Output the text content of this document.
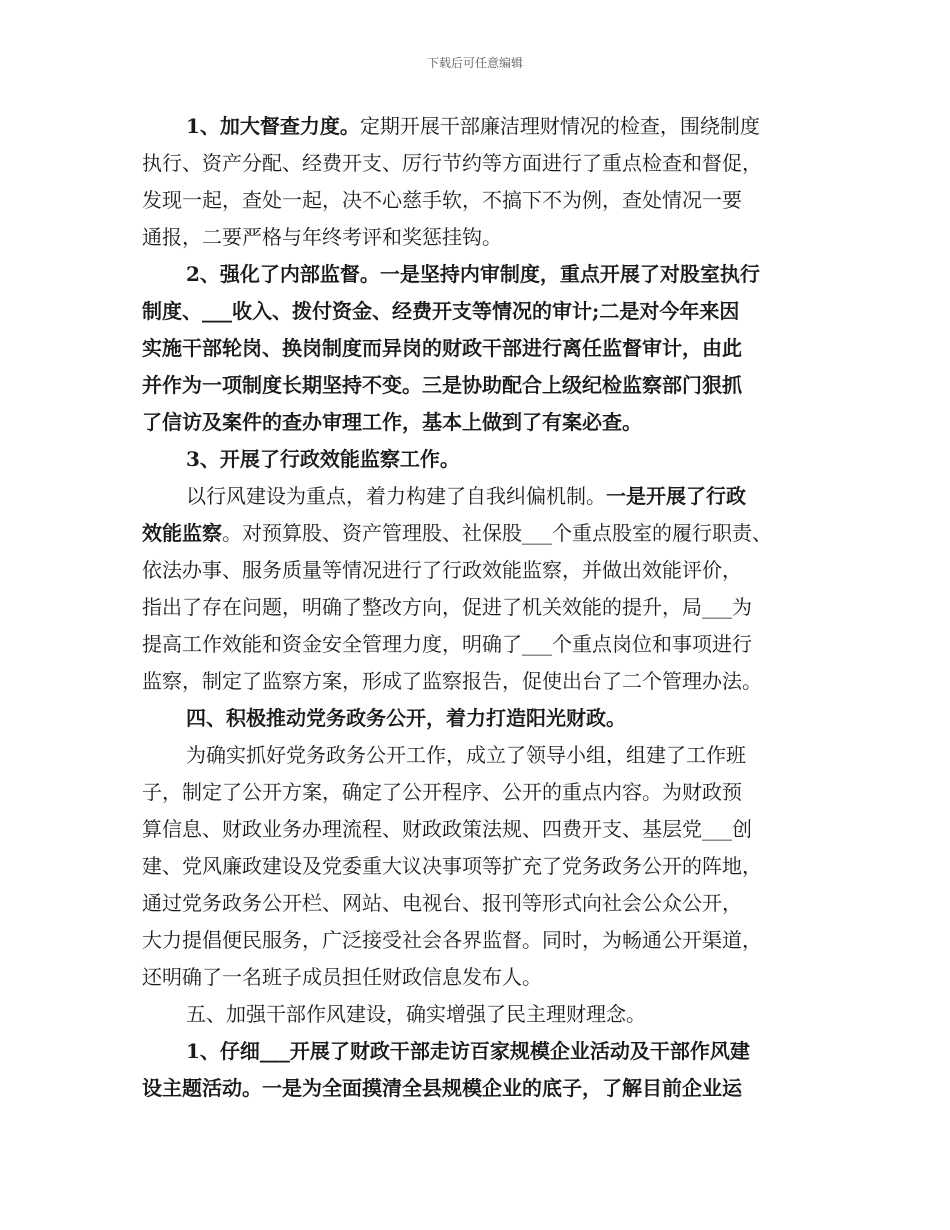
下载后可任意编辑
1、加大督查力度。定期开展干部廉洁理财情况的检查，围绕制度
执行、资产分配、经费开支、厉行节约等方面进行了重点检查和督促，
发现一起，查处一起，决不心慈手软，不搞下不为例，查处情况一要
通报，二要严格与年终考评和奖惩挂钩。
2、强化了内部监督。一是坚持内审制度，重点开展了对股室执行
制度、___收入、拨付资金、经费开支等情况的审计;二是对今年来因
实施干部轮岗、换岗制度而异岗的财政干部进行离任监督审计，由此
并作为一项制度长期坚持不变。三是协助配合上级纪检监察部门狠抓
了信访及案件的查办审理工作，基本上做到了有案必查。
3、开展了行政效能监察工作。
以行风建设为重点，着力构建了自我纠偏机制。一是开展了行政
效能监察。对预算股、资产管理股、社保股___个重点股室的履行职责、
依法办事、服务质量等情况进行了行政效能监察，并做出效能评价，
指出了存在问题，明确了整改方向，促进了机关效能的提升，局___为
提高工作效能和资金安全管理力度，明确了___个重点岗位和事项进行
监察，制定了监察方案，形成了监察报告，促使出台了二个管理办法。
四、积极推动党务政务公开，着力打造阳光财政。
为确实抓好党务政务公开工作，成立了领导小组，组建了工作班
子，制定了公开方案，确定了公开程序、公开的重点内容。为财政预
算信息、财政业务办理流程、财政政策法规、四费开支、基层党___创
建、党风廉政建设及党委重大议决事项等扩充了党务政务公开的阵地，
通过党务政务公开栏、网站、电视台、报刊等形式向社会公众公开，
大力提倡便民服务，广泛接受社会各界监督。同时，为畅通公开渠道，
还明确了一名班子成员担任财政信息发布人。
五、加强干部作风建设，确实增强了民主理财理念。
1、仔细___开展了财政干部走访百家规模企业活动及干部作风建
设主题活动。一是为全面摸清全县规模企业的底子，了解目前企业运
